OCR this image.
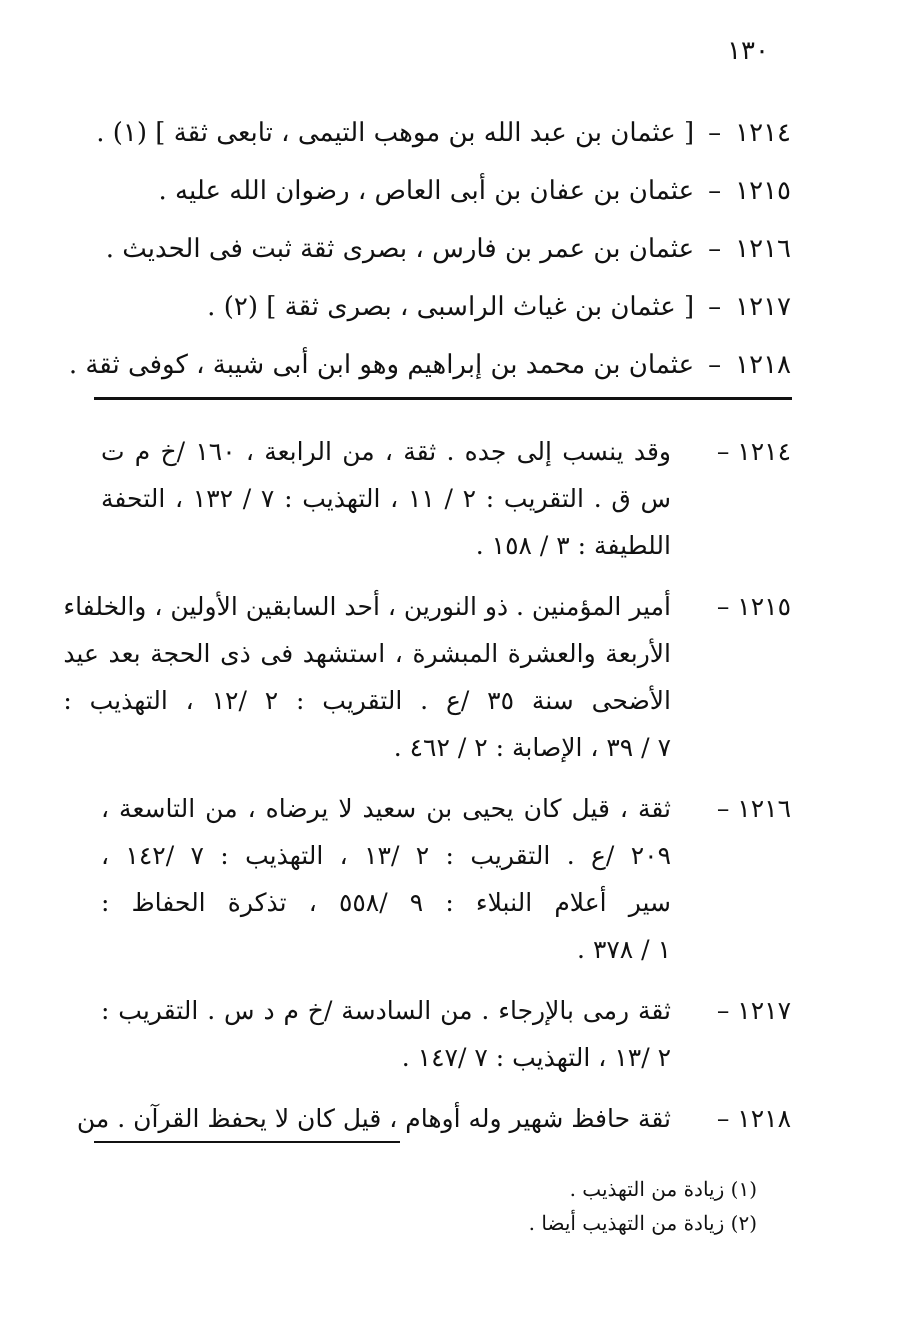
١٣٠
١٢١٤–[ عثمان بن عبد الله بن موهب التيمى ، تابعى ثقة ] (١) .
١٢١٥–عثمان بن عفان بن أبى العاص ، رضوان الله عليه .
١٢١٦–عثمان بن عمر بن فارس ، بصرى ثقة ثبت فى الحديث .
١٢١٧–[ عثمان بن غياث الراسبى ، بصرى ثقة ] (٢) .
١٢١٨–عثمان بن محمد بن إبراهيم وهو ابن أبى شيبة ، كوفى ثقة .
١٢١٤ –
وقد ينسب إلى جده . ثقة ، من الرابعة ، ١٦٠ /خ م ت
س ق . التقريب : ٢ / ١١ ، التهذيب : ٧ / ١٣٢ ، التحفة
اللطيفة : ٣ / ١٥٨ .
١٢١٥ –
أمير المؤمنين . ذو النورين ، أحد السابقين الأولين ، والخلفاء
الأربعة والعشرة المبشرة ، استشهد فى ذى الحجة بعد عيد
الأضحى سنة ٣٥ /ع . التقريب : ٢ /١٢ ، التهذيب :
٧ / ٣٩ ، الإصابة : ٢ / ٤٦٢ .
١٢١٦ –
ثقة ، قيل كان يحيى بن سعيد لا يرضاه ، من التاسعة ،
٢٠٩ /ع . التقريب : ٢ /١٣ ، التهذيب : ٧ /١٤٢ ،
سير أعلام النبلاء : ٩ /٥٥٨ ، تذكرة الحفاظ :
١ / ٣٧٨ .
١٢١٧ –
ثقة رمى بالإرجاء . من السادسة /خ م د س . التقريب :
٢ /١٣ ، التهذيب : ٧ /١٤٧ .
١٢١٨ –
ثقة حافظ شهير وله أوهام ، قيل كان لا يحفظ القرآن . من
(١) زيادة من التهذيب .
(٢) زيادة من التهذيب أيضا .
